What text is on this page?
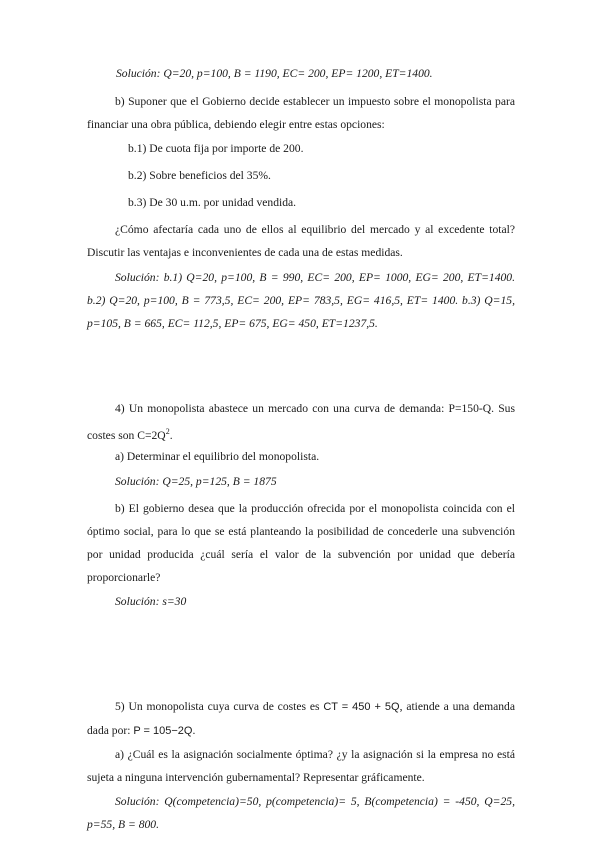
Solución: Q=20, p=100, B = 1190, EC= 200, EP= 1200, ET=1400.

b) Suponer que el Gobierno decide establecer un impuesto sobre el monopolista para financiar una obra pública, debiendo elegir entre estas opciones:

b.1) De cuota fija por importe de 200.

b.2) Sobre beneficios del 35%.

b.3) De 30 u.m. por unidad vendida.

¿Cómo afectaría cada uno de ellos al equilibrio del mercado y al excedente total? Discutir las ventajas e inconvenientes de cada una de estas medidas.

Solución: b.1) Q=20, p=100, B = 990, EC= 200, EP= 1000, EG= 200, ET=1400. b.2) Q=20, p=100, B = 773,5, EC= 200, EP= 783,5, EG= 416,5, ET= 1400. b.3) Q=15, p=105, B = 665, EC= 112,5, EP= 675, EG= 450, ET=1237,5.

4) Un monopolista abastece un mercado con una curva de demanda: P=150-Q. Sus costes son $C=2Q^2$.

a) Determinar el equilibrio del monopolista.

Solución: Q=25, p=125, B = 1875

b) El gobierno desea que la producción ofrecida por el monopolista coincida con el óptimo social, para lo que se está planteando la posibilidad de concederle una subvención por unidad producida ¿cuál sería el valor de la subvención por unidad que debería proporcionarle?

Solución: s=30

5) Un monopolista cuya curva de costes es CT = 450 + 5Q, atiende a una demanda dada por: P = 105−2Q.

a) ¿Cuál es la asignación socialmente óptima? ¿y la asignación si la empresa no está sujeta a ninguna intervención gubernamental? Representar gráficamente.

Solución: Q(competencia)=50, p(competencia)= 5, B(competencia) = -450, Q=25, p=55, B = 800.
